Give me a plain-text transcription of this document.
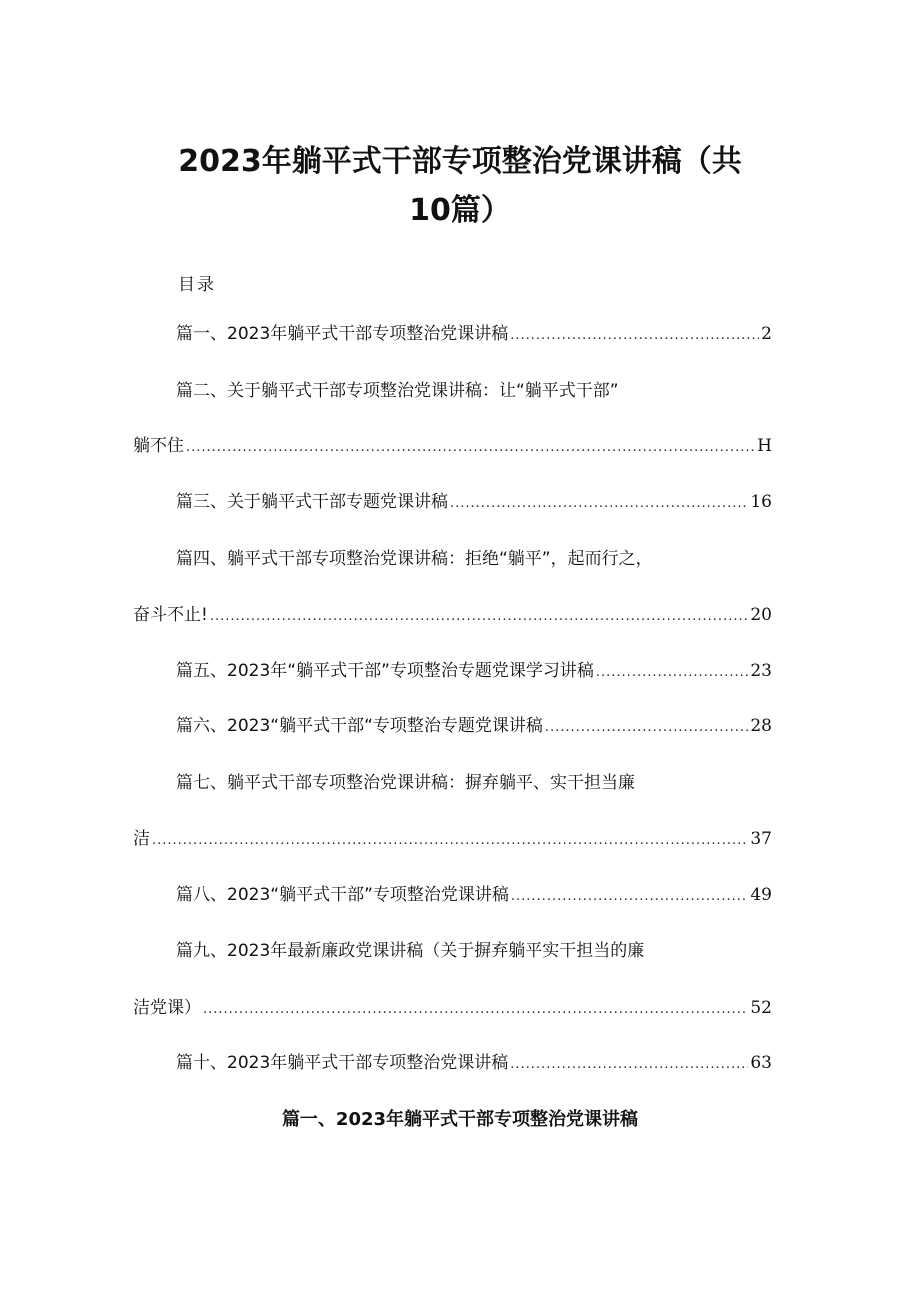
2023年躺平式干部专项整治党课讲稿（共
10篇）
目录
篇一、2023年躺平式干部专项整治党课讲稿 .....	2
篇二、关于躺平式干部专项整治党课讲稿：让“躺平式干部”
躺不住 .....	H
篇三、关于躺平式干部专题党课讲稿 .....	16
篇四、躺平式干部专项整治党课讲稿：拒绝“躺平”，起而行之，
奋斗不止! .....	20
篇五、2023年“躺平式干部”专项整治专题党课学习讲稿 .....	23
篇六、2023“躺平式干部“专项整治专题党课讲稿 .....	28
篇七、躺平式干部专项整治党课讲稿：摒弃躺平、实干担当廉
洁 .....	37
篇八、2023“躺平式干部”专项整治党课讲稿 .....	49
篇九、2023年最新廉政党课讲稿（关于摒弃躺平实干担当的廉
洁党课） .....	52
篇十、2023年躺平式干部专项整治党课讲稿 .....	63
篇一、2023年躺平式干部专项整治党课讲稿
